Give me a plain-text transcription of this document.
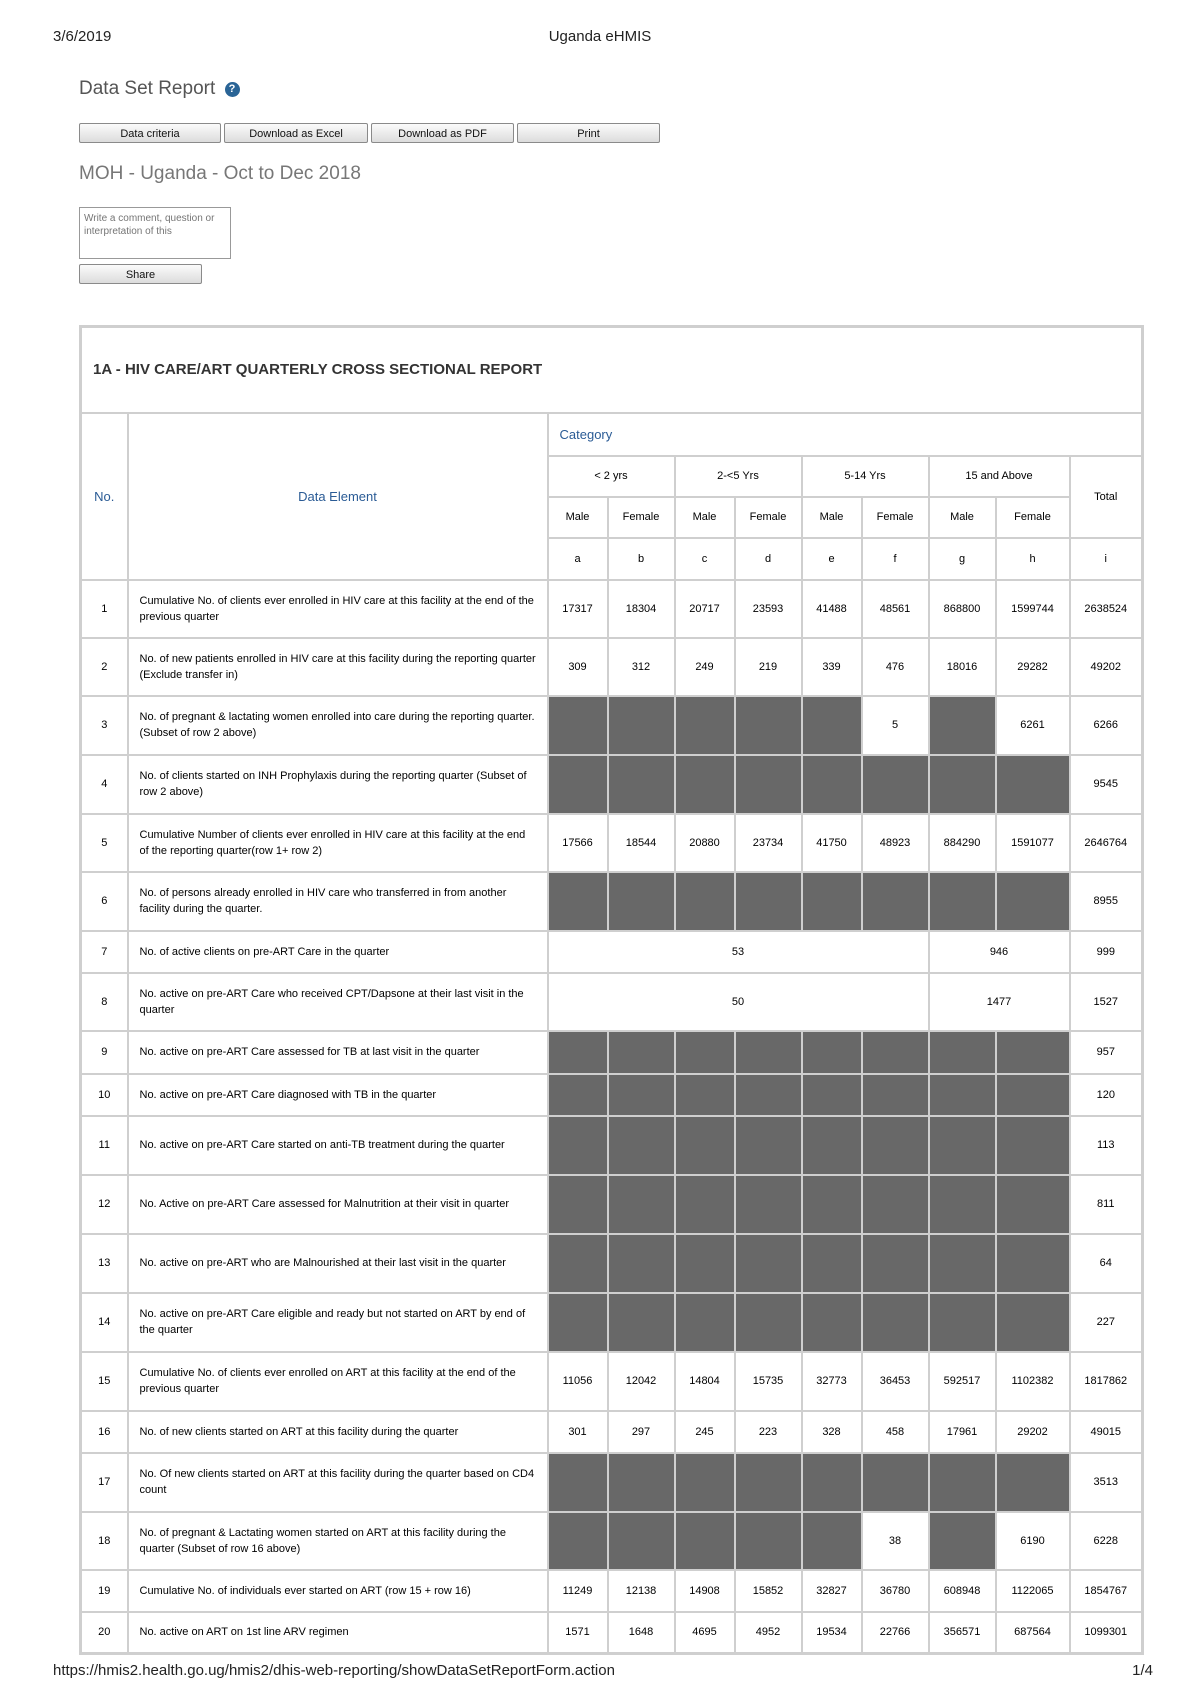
3/6/2019	Uganda eHMIS
Data Set Report ?
Data criteria	Download as Excel	Download as PDF	Print
MOH - Uganda - Oct to Dec 2018
Write a comment, question or interpretation of this
Share
1A - HIV CARE/ART QUARTERLY CROSS SECTIONAL REPORT										
No.	Data Element	Category								
		< 2 yrs		2-<5 Yrs		5-14 Yrs		15 and Above		Total
		Male	Female	Male	Female	Male	Female	Male	Female	
		a	b	c	d	e	f	g	h	i
1	Cumulative No. of clients ever enrolled in HIV care at this facility at the end of the previous quarter	17317	18304	20717	23593	41488	48561	868800	1599744	2638524
2	No. of new patients enrolled in HIV care at this facility during the reporting quarter (Exclude transfer in)	309	312	249	219	339	476	18016	29282	49202
3	No. of pregnant & lactating women enrolled into care during the reporting quarter. (Subset of row 2 above)						5		6261	6266
4	No. of clients started on INH Prophylaxis during the reporting quarter (Subset of row 2 above)									9545
5	Cumulative Number of clients ever enrolled in HIV care at this facility at the end of the reporting quarter(row 1+ row 2)	17566	18544	20880	23734	41750	48923	884290	1591077	2646764
6	No. of persons already enrolled in HIV care who transferred in from another facility during the quarter.									8955
7	No. of active clients on pre-ART Care in the quarter	53						946		999
8	No. active on pre-ART Care who received CPT/Dapsone at their last visit in the quarter	50						1477		1527
9	No. active on pre-ART Care assessed for TB at last visit in the quarter									957
10	No. active on pre-ART Care diagnosed with TB in the quarter									120
11	No. active on pre-ART Care started on anti-TB treatment during the quarter									113
12	No. Active on pre-ART Care assessed for Malnutrition at their visit in quarter									811
13	No. active on pre-ART who are Malnourished at their last visit in the quarter									64
14	No. active on pre-ART Care eligible and ready but not started on ART by end of the quarter									227
15	Cumulative No. of clients ever enrolled on ART at this facility at the end of the previous quarter	11056	12042	14804	15735	32773	36453	592517	1102382	1817862
16	No. of new clients started on ART at this facility during the quarter	301	297	245	223	328	458	17961	29202	49015
17	No. Of new clients started on ART at this facility during the quarter based on CD4 count									3513
18	No. of pregnant & Lactating women started on ART at this facility during the quarter (Subset of row 16 above)						38		6190	6228
19	Cumulative No. of individuals ever started on ART (row 15 + row 16)	11249	12138	14908	15852	32827	36780	608948	1122065	1854767
20	No. active on ART on 1st line ARV regimen	1571	1648	4695	4952	19534	22766	356571	687564	1099301
https://hmis2.health.go.ug/hmis2/dhis-web-reporting/showDataSetReportForm.action	1/4
